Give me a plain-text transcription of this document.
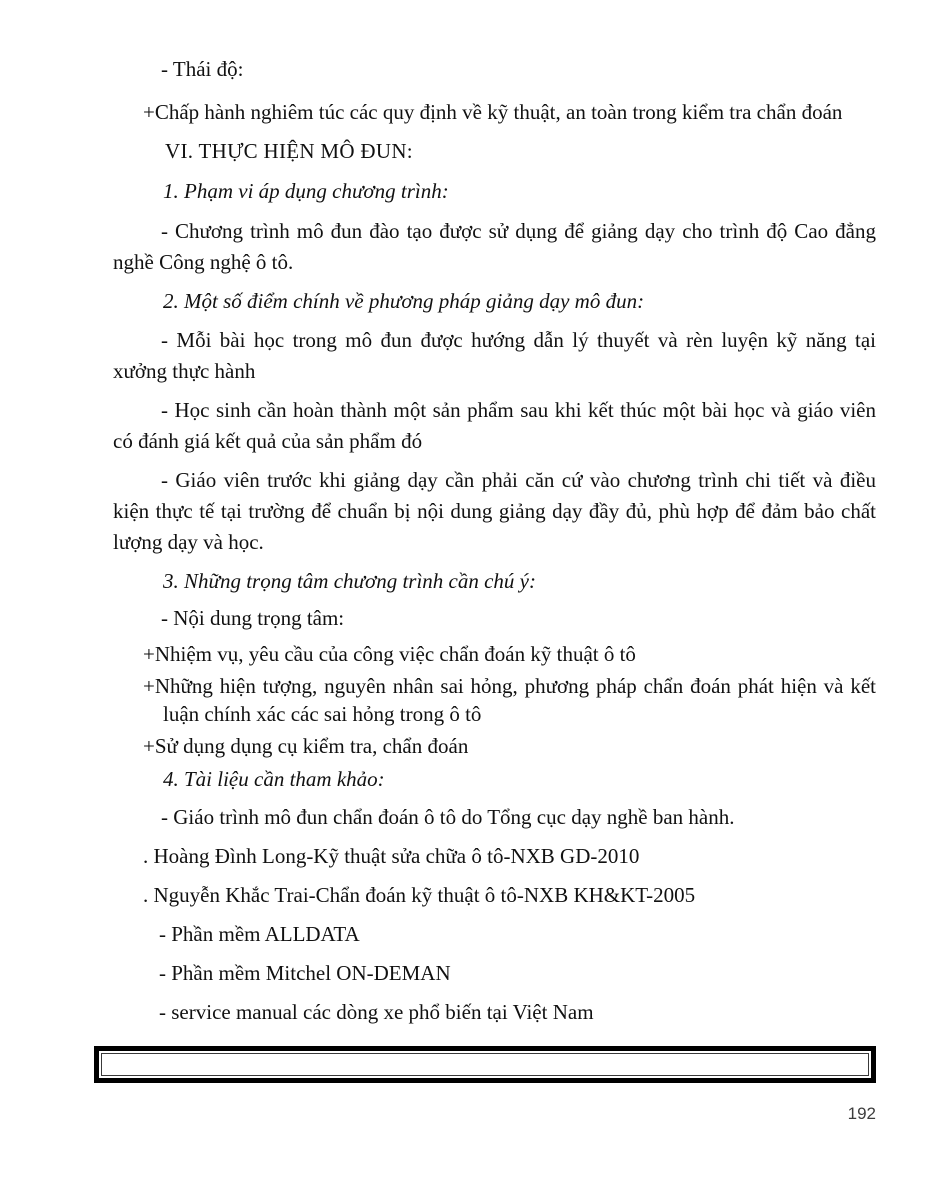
- Thái độ:

+Chấp hành nghiêm túc các quy định về kỹ thuật, an toàn trong kiểm tra chẩn đoán

VI. THỰC HIỆN MÔ ĐUN:

1. Phạm vi áp dụng chương trình:

- Chương trình mô đun đào tạo được sử dụng để giảng dạy cho trình độ Cao đẳng nghề Công nghệ ô tô.

2. Một số điểm chính về phương pháp giảng dạy mô đun:

- Mỗi bài học trong mô đun được hướng dẫn lý thuyết và rèn luyện kỹ năng tại xưởng thực hành

- Học sinh cần hoàn thành một sản phẩm sau khi kết thúc một bài học và giáo viên có đánh giá kết quả của sản phẩm đó

- Giáo viên trước khi giảng dạy cần phải căn cứ vào chương trình chi tiết và điều kiện thực tế tại trường để chuẩn bị nội dung giảng dạy đầy đủ, phù hợp để đảm bảo chất lượng dạy và học.

3. Những trọng tâm chương trình cần chú ý:

- Nội dung trọng tâm:

+Nhiệm vụ, yêu cầu của công việc chẩn đoán kỹ thuật ô tô

+Những hiện tượng, nguyên nhân sai hỏng, phương pháp chẩn đoán phát hiện và kết luận chính xác các sai hỏng trong ô tô

+Sử dụng dụng cụ kiểm tra, chẩn đoán

4. Tài liệu cần tham khảo:

- Giáo trình mô đun chẩn đoán ô tô do Tổng cục dạy nghề ban hành.

. Hoàng Đình Long-Kỹ thuật sửa chữa ô tô-NXB GD-2010

. Nguyễn Khắc Trai-Chẩn đoán kỹ thuật ô tô-NXB KH&KT-2005

- Phần mềm ALLDATA

- Phần mềm Mitchel ON-DEMAN

- service manual các dòng xe phổ biến tại Việt Nam

192
